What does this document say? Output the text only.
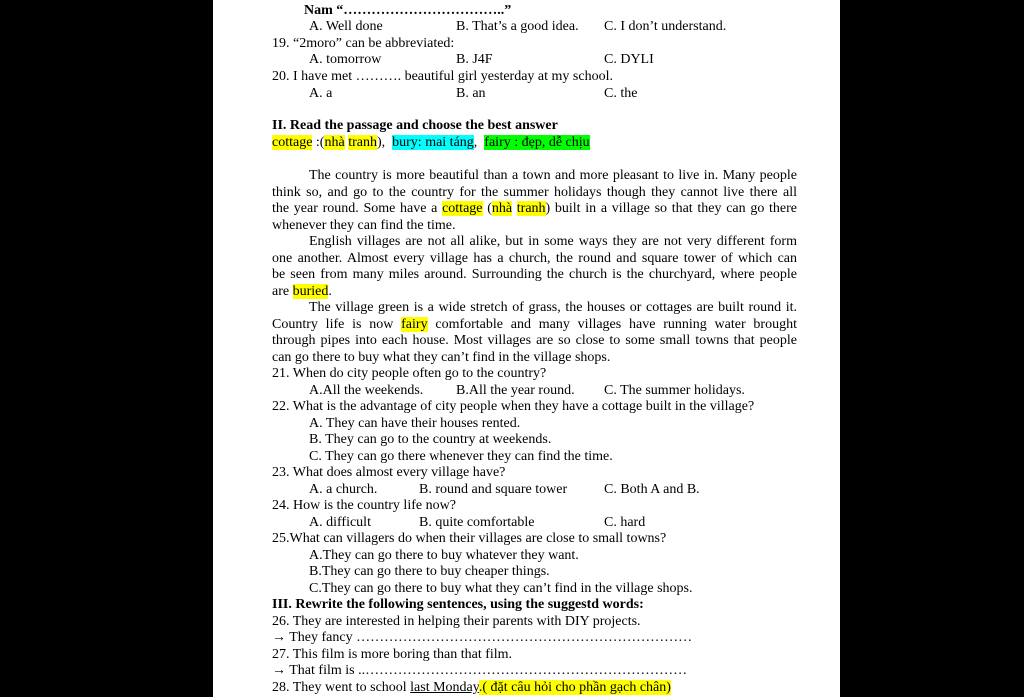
Nam “……………………………..”
A. Well done	B. That’s a good idea. C. I don’t understand.
19. “2moro” can be abbreviated:
A. tomorrow	B. J4F	C. DYLI
20. I have met ………. beautiful girl yesterday at my school.
A. a	B. an	C. the
II. Read the passage and choose the best answer
cottage :(nhà tranh), bury: mai táng, fairy : đẹp, dễ chịu
The country is more beautiful than a town and more pleasant to live in. Many people
think so, and go to the country for the summer holidays though they cannot live there all
the year round. Some have a cottage (nhà tranh) built in a village so that they can go there
whenever they can find the time.
English villages are not all alike, but in some ways they are not very different form
one another. Almost every village has a church, the round and square tower of which can
be seen from many miles around. Surrounding the church is the churchyard, where people
are buried.
The village green is a wide stretch of grass, the houses or cottages are built round it.
Country life is now fairy comfortable and many villages have running water brought
through pipes into each house. Most villages are so close to some small towns that people
can go there to buy what they can’t find in the village shops.
21. When do city people often go to the country?
A.All the weekends. B.All the year round. C. The summer holidays.
22. What is the advantage of city people when they have a cottage built in the village?
A. They can have their houses rented.
B. They can go to the country at weekends.
C. They can go there whenever they can find the time.
23. What does almost every village have?
A. a church.	B. round and square tower	C. Both A and B.
24. How is the country life now?
A. difficult	B. quite comfortable	C. hard
25.What can villagers do when their villages are close to small towns?
A.They can go there to buy whatever they want.
B.They can go there to buy cheaper things.
C.They can go there to buy what they can’t find in the village shops.
III. Rewrite the following sentences, using the suggestd words:
26. They are interested in helping their parents with DIY projects.
→ They fancy ………………………………………………………………
27. This film is more boring than that film.
→ That film is ..……………………………………………………………
28. They went to school last Monday.( đặt câu hỏi cho phần gạch chân)
